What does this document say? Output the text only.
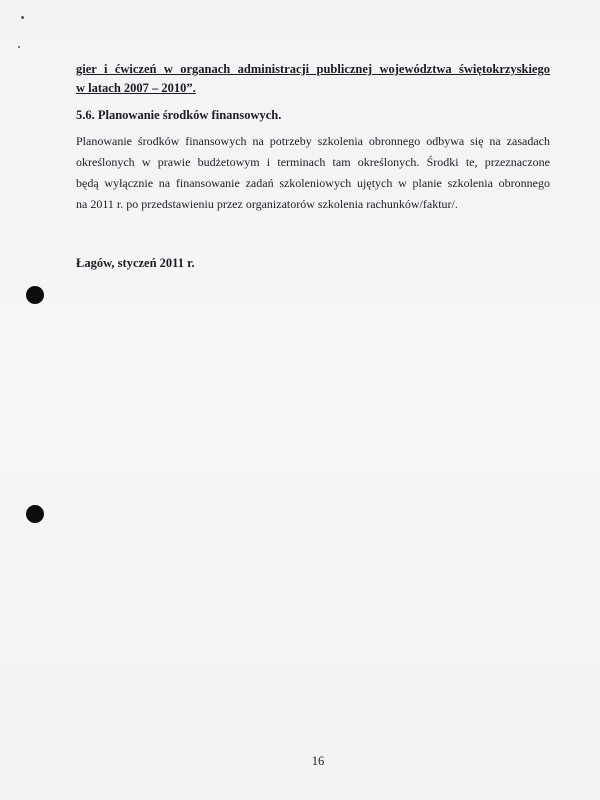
gier i ćwiczeń w organach administracji publicznej województwa świętokrzyskiego

w latach 2007 – 2010”.

5.6. Planowanie środków finansowych.

Planowanie środków finansowych na potrzeby szkolenia obronnego odbywa się na zasadach

określonych w prawie budżetowym i terminach tam określonych. Środki te, przeznaczone

będą wyłącznie na finansowanie zadań szkoleniowych ujętych w planie szkolenia obronnego

na 2011 r. po przedstawieniu przez organizatorów szkolenia rachunków/faktur/.

Łagów, styczeń 2011 r.

16
